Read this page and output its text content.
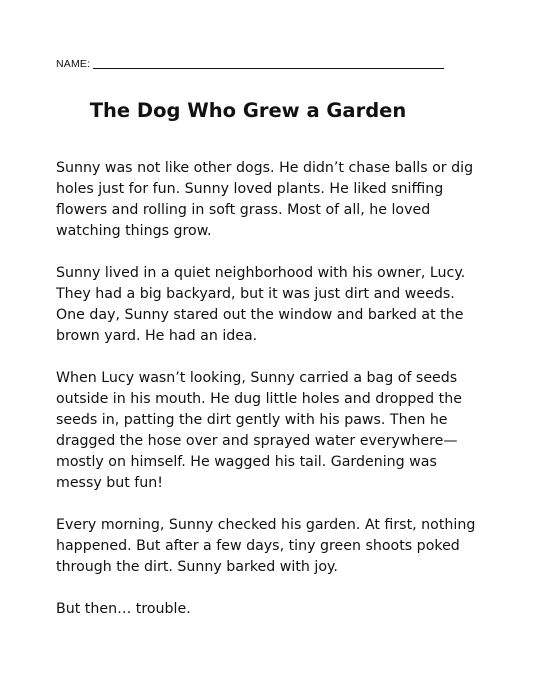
NAME:
The Dog Who Grew a Garden

Sunny was not like other dogs. He didn’t chase balls or dig holes just for fun. Sunny loved plants. He liked sniffing flowers and rolling in soft grass. Most of all, he loved watching things grow.

Sunny lived in a quiet neighborhood with his owner, Lucy. They had a big backyard, but it was just dirt and weeds. One day, Sunny stared out the window and barked at the brown yard. He had an idea.

When Lucy wasn’t looking, Sunny carried a bag of seeds outside in his mouth. He dug little holes and dropped the seeds in, patting the dirt gently with his paws. Then he dragged the hose over and sprayed water everywhere—mostly on himself. He wagged his tail. Gardening was messy but fun!

Every morning, Sunny checked his garden. At first, nothing happened. But after a few days, tiny green shoots poked through the dirt. Sunny barked with joy.

But then… trouble.
